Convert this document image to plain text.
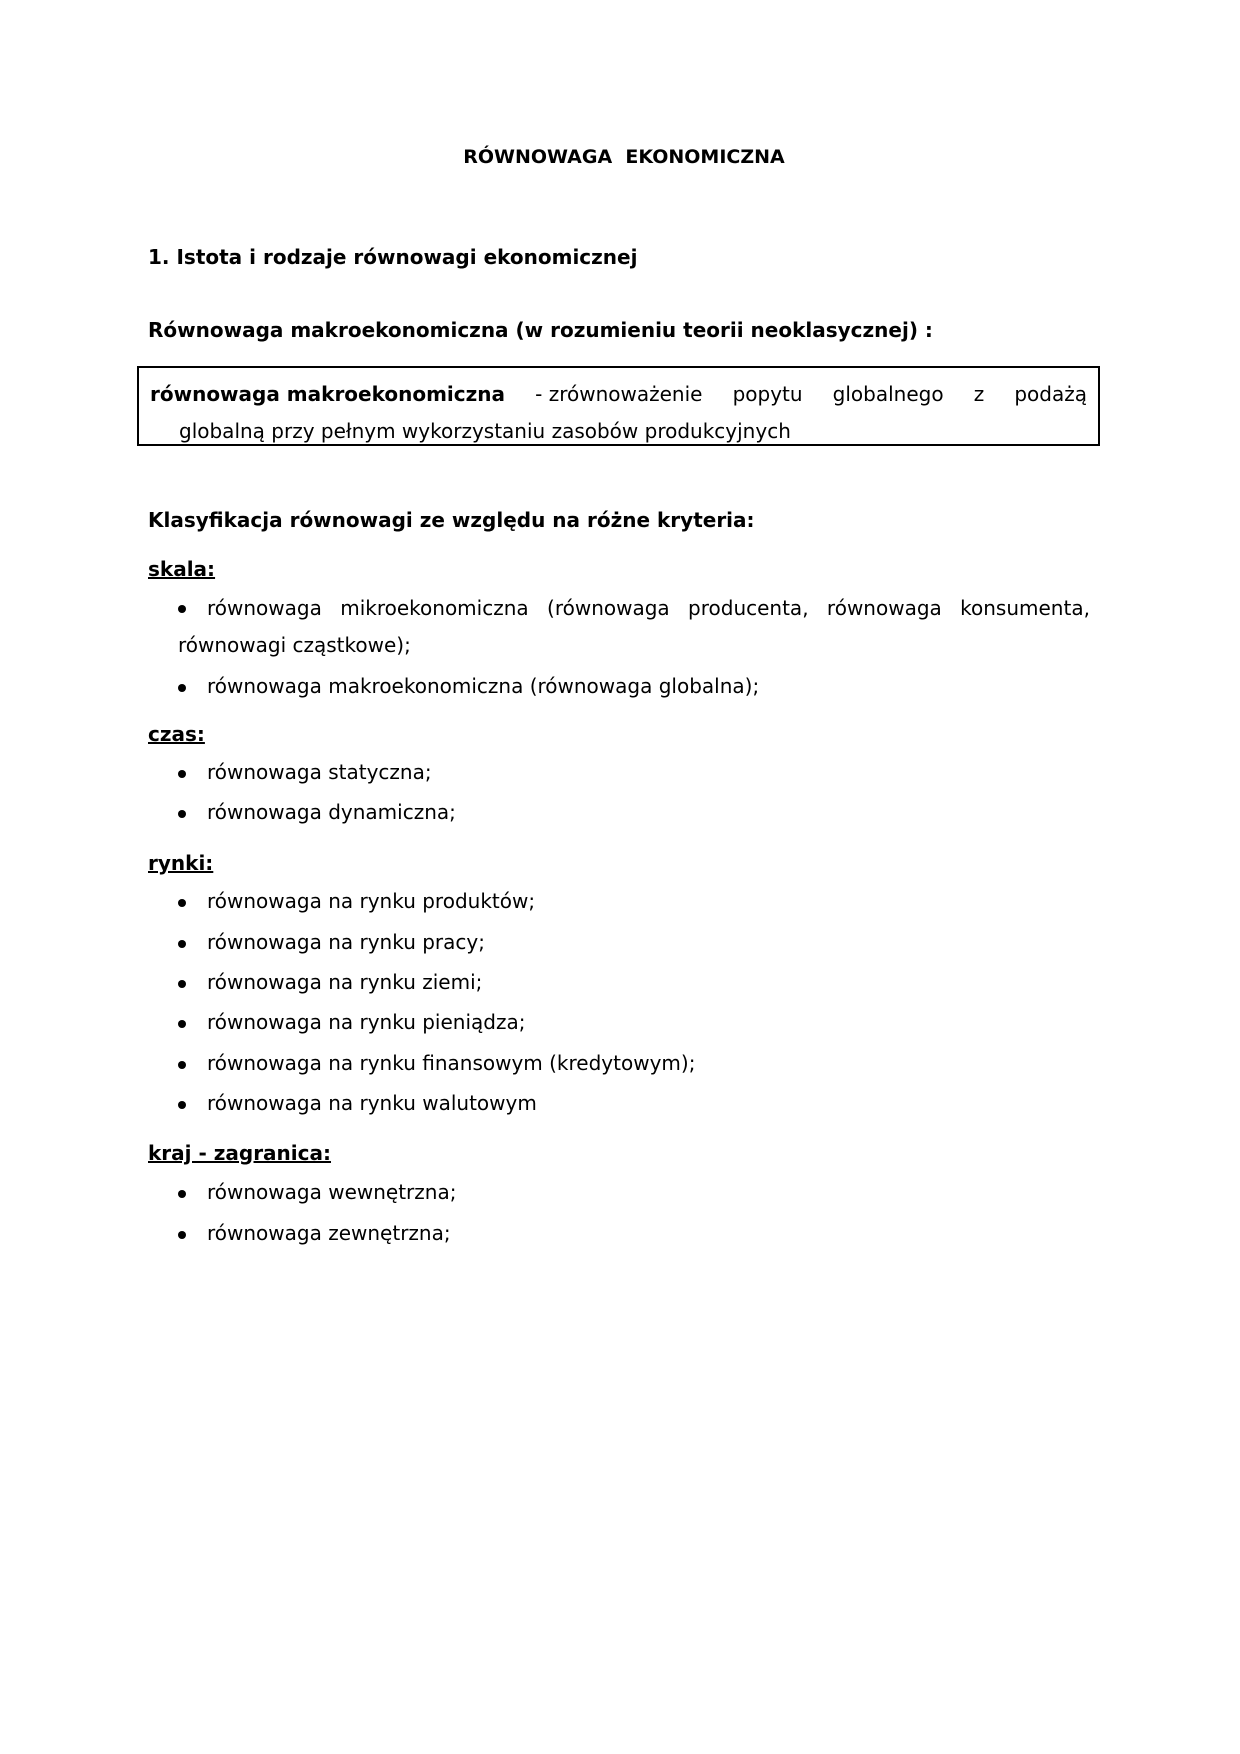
RÓWNOWAGA  EKONOMICZNA
1. Istota i rodzaje równowagi ekonomicznej
Równowaga makroekonomiczna (w rozumieniu teorii neoklasycznej) :
równowaga makroekonomiczna - zrównoważenie popytu globalnego z podażą
globalną przy pełnym wykorzystaniu zasobów produkcyjnych
Klasyfikacja równowagi ze względu na różne kryteria:
skala:
równowaga mikroekonomiczna (równowaga producenta, równowaga konsumenta,
równowagi cząstkowe);
równowaga makroekonomiczna (równowaga globalna);
czas:
równowaga statyczna;
równowaga dynamiczna;
rynki:
równowaga na rynku produktów;
równowaga na rynku pracy;
równowaga na rynku ziemi;
równowaga na rynku pieniądza;
równowaga na rynku finansowym (kredytowym);
równowaga na rynku walutowym
kraj - zagranica:
równowaga wewnętrzna;
równowaga zewnętrzna;
